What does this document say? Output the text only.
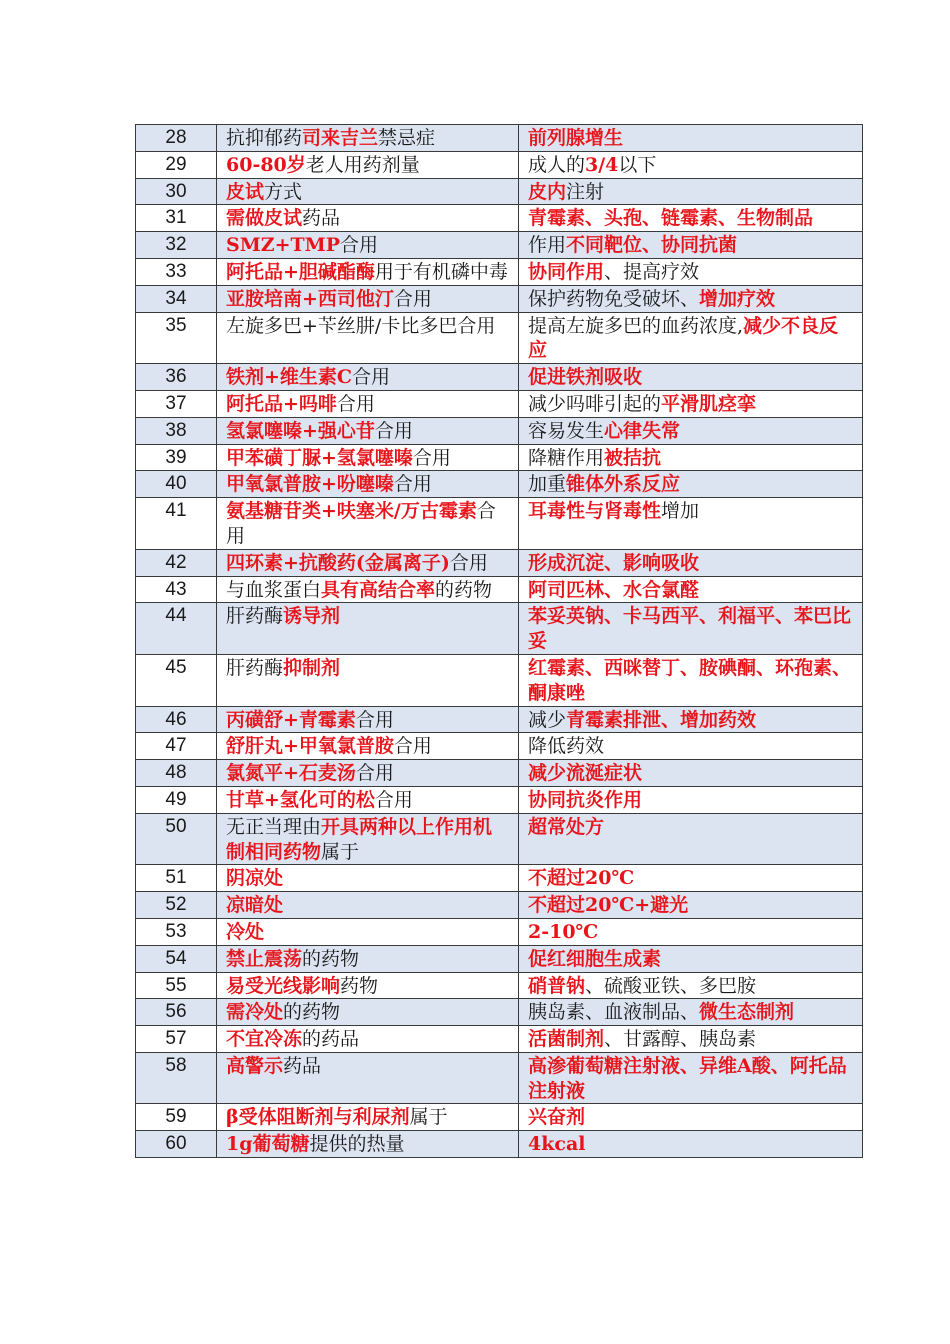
28	抗抑郁药司来吉兰禁忌症	前列腺增生
29	60-80岁老人用药剂量	成人的3/4以下
30	皮试方式	皮内注射
31	需做皮试药品	青霉素、头孢、链霉素、生物制品
32	SMZ+TMP合用	作用不同靶位、协同抗菌
33	阿托品+胆碱酯酶用于有机磷中毒	协同作用、提高疗效
34	亚胺培南+西司他汀合用	保护药物免受破坏、增加疗效
35	左旋多巴+苄丝肼/卡比多巴合用	提高左旋多巴的血药浓度,减少不良反应
36	铁剂+维生素C合用	促进铁剂吸收
37	阿托品+吗啡合用	减少吗啡引起的平滑肌痉挛
38	氢氯噻嗪+强心苷合用	容易发生心律失常
39	甲苯磺丁脲+氢氯噻嗪合用	降糖作用被拮抗
40	甲氧氯普胺+吩噻嗪合用	加重锥体外系反应
41	氨基糖苷类+呋塞米/万古霉素合用	耳毒性与肾毒性增加
42	四环素+抗酸药(金属离子)合用	形成沉淀、影响吸收
43	与血浆蛋白具有高结合率的药物	阿司匹林、水合氯醛
44	肝药酶诱导剂	苯妥英钠、卡马西平、利福平、苯巴比妥
45	肝药酶抑制剂	红霉素、西咪替丁、胺碘酮、环孢素、酮康唑
46	丙磺舒+青霉素合用	减少青霉素排泄、增加药效
47	舒肝丸+甲氧氯普胺合用	降低药效
48	氯氮平+石麦汤合用	减少流涎症状
49	甘草+氢化可的松合用	协同抗炎作用
50	无正当理由开具两种以上作用机制相同药物属于	超常处方
51	阴凉处	不超过20℃
52	凉暗处	不超过20℃+避光
53	冷处	2-10℃
54	禁止震荡的药物	促红细胞生成素
55	易受光线影响药物	硝普钠、硫酸亚铁、多巴胺
56	需冷处的药物	胰岛素、血液制品、微生态制剂
57	不宜冷冻的药品	活菌制剂、甘露醇、胰岛素
58	高警示药品	高渗葡萄糖注射液、异维A酸、阿托品注射液
59	β受体阻断剂与利尿剂属于	兴奋剂
60	1g葡萄糖提供的热量	4kcal
